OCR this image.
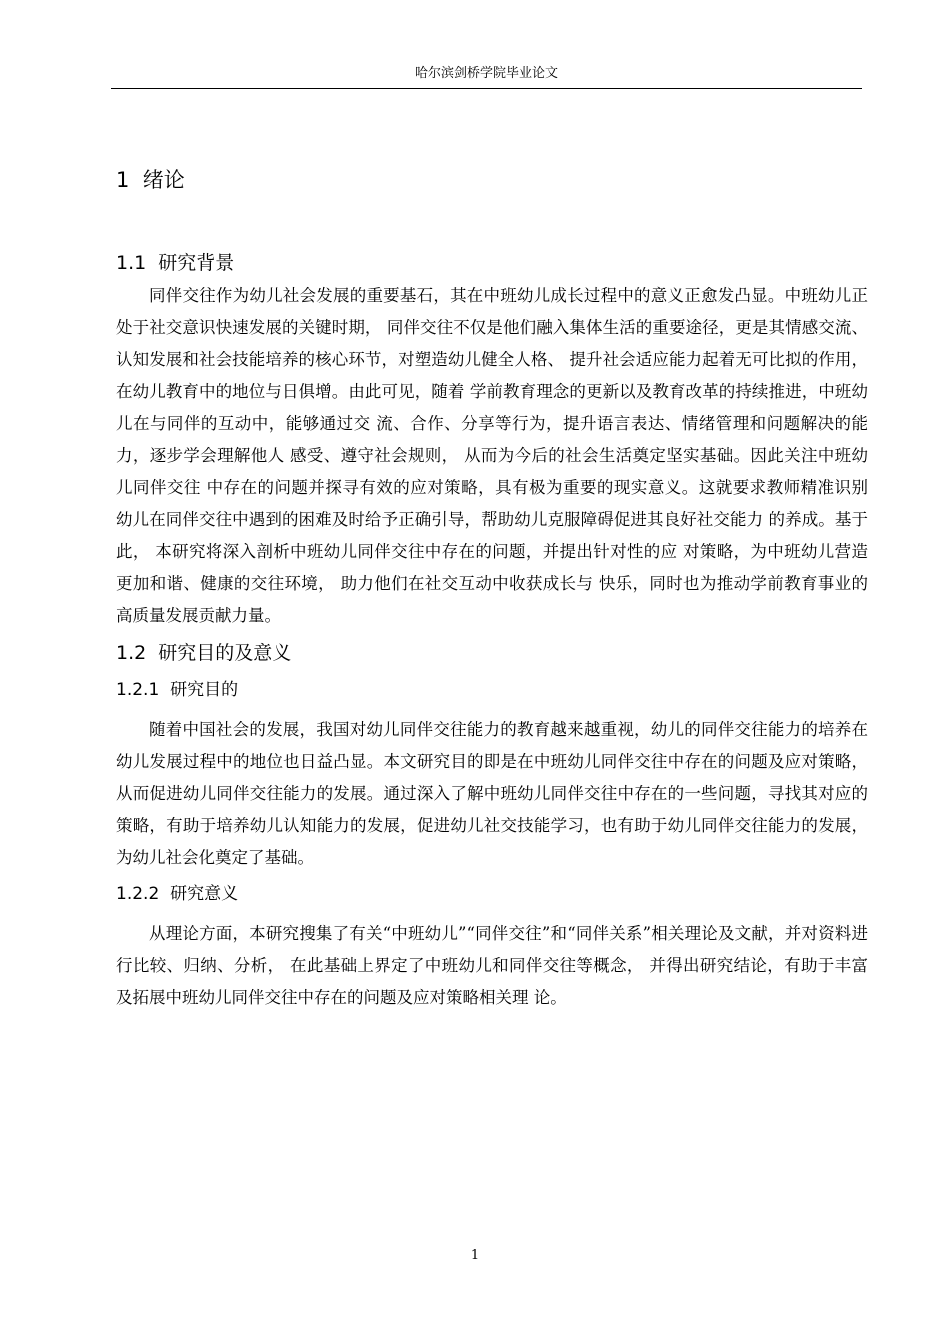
哈尔滨剑桥学院毕业论文
1  绪论
1.1  研究背景

同伴交往作为幼儿社会发展的重要基石，其在中班幼儿成长过程中的意义正愈发凸显。中班幼儿正处于社交意识快速发展的关键时期， 同伴交往不仅是他们融入集体生活的重要途径，更是其情感交流、认知发展和社会技能培养的核心环节，对塑造幼儿健全人格、 提升社会适应能力起着无可比拟的作用，在幼儿教育中的地位与日俱增。由此可见，随着 学前教育理念的更新以及教育改革的持续推进，中班幼儿在与同伴的互动中，能够通过交 流、合作、分享等行为，提升语言表达、情绪管理和问题解决的能力，逐步学会理解他人 感受、遵守社会规则， 从而为今后的社会生活奠定坚实基础。因此关注中班幼儿同伴交往 中存在的问题并探寻有效的应对策略，具有极为重要的现实意义。这就要求教师精准识别 幼儿在同伴交往中遇到的困难及时给予正确引导，帮助幼儿克服障碍促进其良好社交能力 的养成。基于此， 本研究将深入剖析中班幼儿同伴交往中存在的问题，并提出针对性的应 对策略，为中班幼儿营造更加和谐、健康的交往环境， 助力他们在社交互动中收获成长与 快乐，同时也为推动学前教育事业的高质量发展贡献力量。

1.2  研究目的及意义
1.2.1  研究目的

随着中国社会的发展，我国对幼儿同伴交往能力的教育越来越重视，幼儿的同伴交往能力的培养在幼儿发展过程中的地位也日益凸显。本文研究目的即是在中班幼儿同伴交往中存在的问题及应对策略，从而促进幼儿同伴交往能力的发展。通过深入了解中班幼儿同伴交往中存在的一些问题，寻找其对应的策略，有助于培养幼儿认知能力的发展，促进幼儿社交技能学习，也有助于幼儿同伴交往能力的发展，为幼儿社会化奠定了基础。

1.2.2  研究意义

从理论方面，本研究搜集了有关“中班幼儿”“同伴交往”和“同伴关系”相关理论及文献，并对资料进行比较、归纳、分析， 在此基础上界定了中班幼儿和同伴交往等概念， 并得出研究结论，有助于丰富及拓展中班幼儿同伴交往中存在的问题及应对策略相关理 论。

1
